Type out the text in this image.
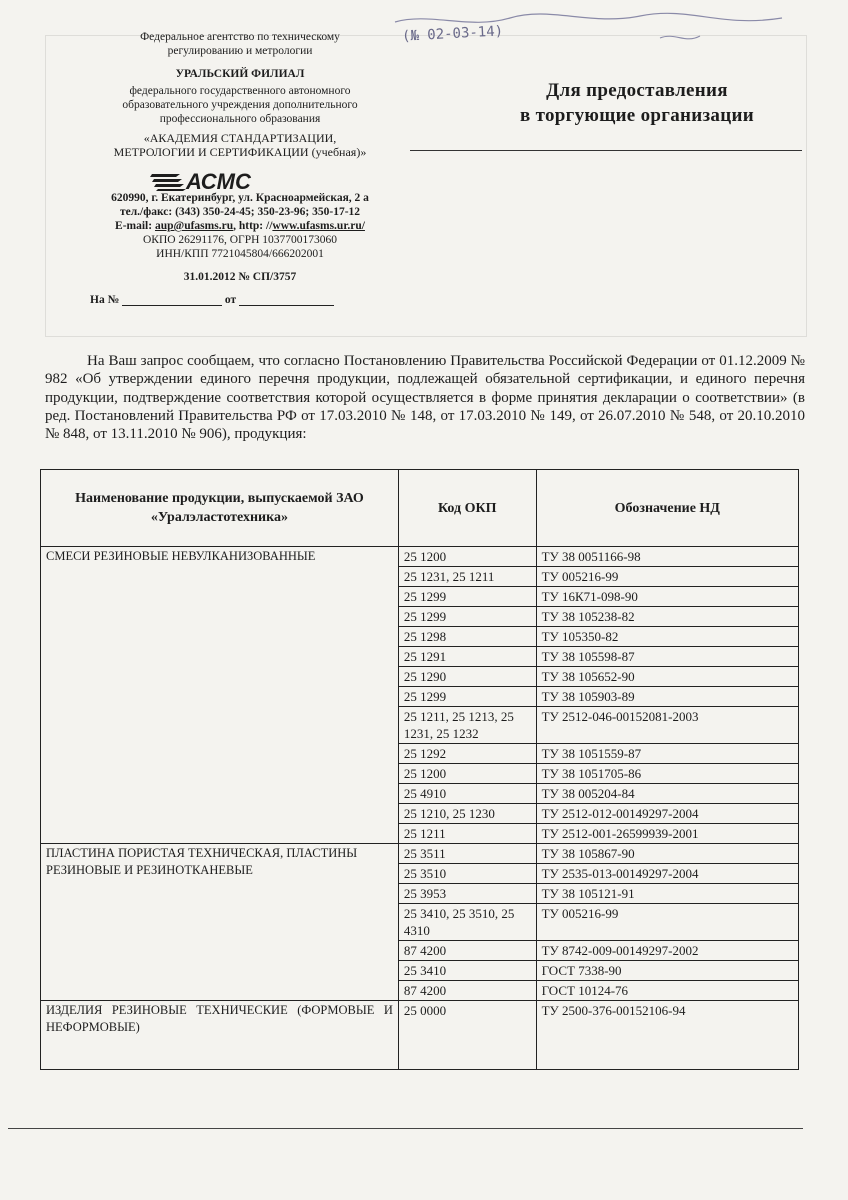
(№ 02-03-14)
Федеральное агентство по техническому
регулированию и метрологии
УРАЛЬСКИЙ ФИЛИАЛ
федерального государственного автономного
образовательного учреждения дополнительного
профессионального образования
«АКАДЕМИЯ СТАНДАРТИЗАЦИИ,
МЕТРОЛОГИИ И СЕРТИФИКАЦИИ (учебная)»
620990, г. Екатеринбург, ул. Красноармейская, 2 а
тел./факс: (343) 350-24-45; 350-23-96; 350-17-12
E-mail: aup@ufasms.ru, http: //www.ufasms.ur.ru/
ОКПО 26291176, ОГРН 1037700173060
ИНН/КПП 7721045804/666202001
31.01.2012 № СП/3757
АСМС
На №	от
Для предоставления
в торгующие организации
На Ваш запрос сообщаем, что согласно Постановлению Правительства Российской Федерации от 01.12.2009 № 982 «Об утверждении единого перечня продукции, подлежащей обязательной сертификации, и единого перечня продукции, подтверждение соответствия которой осуществляется в форме принятия декларации о соответствии» (в ред. Постановлений Правительства РФ от 17.03.2010 № 148, от 17.03.2010 № 149, от 26.07.2010 № 548, от 20.10.2010 № 848, от 13.11.2010 № 906), продукция:
Наименование продукции, выпускаемой ЗАО «Уралэластотехника»	Код ОКП	Обозначение НД
СМЕСИ РЕЗИНОВЫЕ НЕВУЛКАНИЗОВАННЫЕ	25 1200	ТУ 38 0051166-98
	25 1231, 25 1211	ТУ 005216-99
	25 1299	ТУ 16К71-098-90
	25 1299	ТУ 38 105238-82
	25 1298	ТУ 105350-82
	25 1291	ТУ 38 105598-87
	25 1290	ТУ 38 105652-90
	25 1299	ТУ 38 105903-89
	25 1211, 25 1213, 25 1231, 25 1232	ТУ 2512-046-00152081-2003
	25 1292	ТУ 38 1051559-87
	25 1200	ТУ 38 1051705-86
	25 4910	ТУ 38 005204-84
	25 1210, 25 1230	ТУ 2512-012-00149297-2004
	25 1211	ТУ 2512-001-26599939-2001
ПЛАСТИНА ПОРИСТАЯ ТЕХНИЧЕСКАЯ, ПЛАСТИНЫ РЕЗИНОВЫЕ И РЕЗИНОТКАНЕВЫЕ	25 3511	ТУ 38 105867-90
	25 3510	ТУ 2535-013-00149297-2004
	25 3953	ТУ 38 105121-91
	25 3410, 25 3510, 25 4310	ТУ 005216-99
	87 4200	ТУ 8742-009-00149297-2002
	25 3410	ГОСТ 7338-90
	87 4200	ГОСТ 10124-76
ИЗДЕЛИЯ РЕЗИНОВЫЕ ТЕХНИЧЕСКИЕ (ФОРМОВЫЕ И НЕФОРМОВЫЕ)	25 0000	ТУ 2500-376-00152106-94
